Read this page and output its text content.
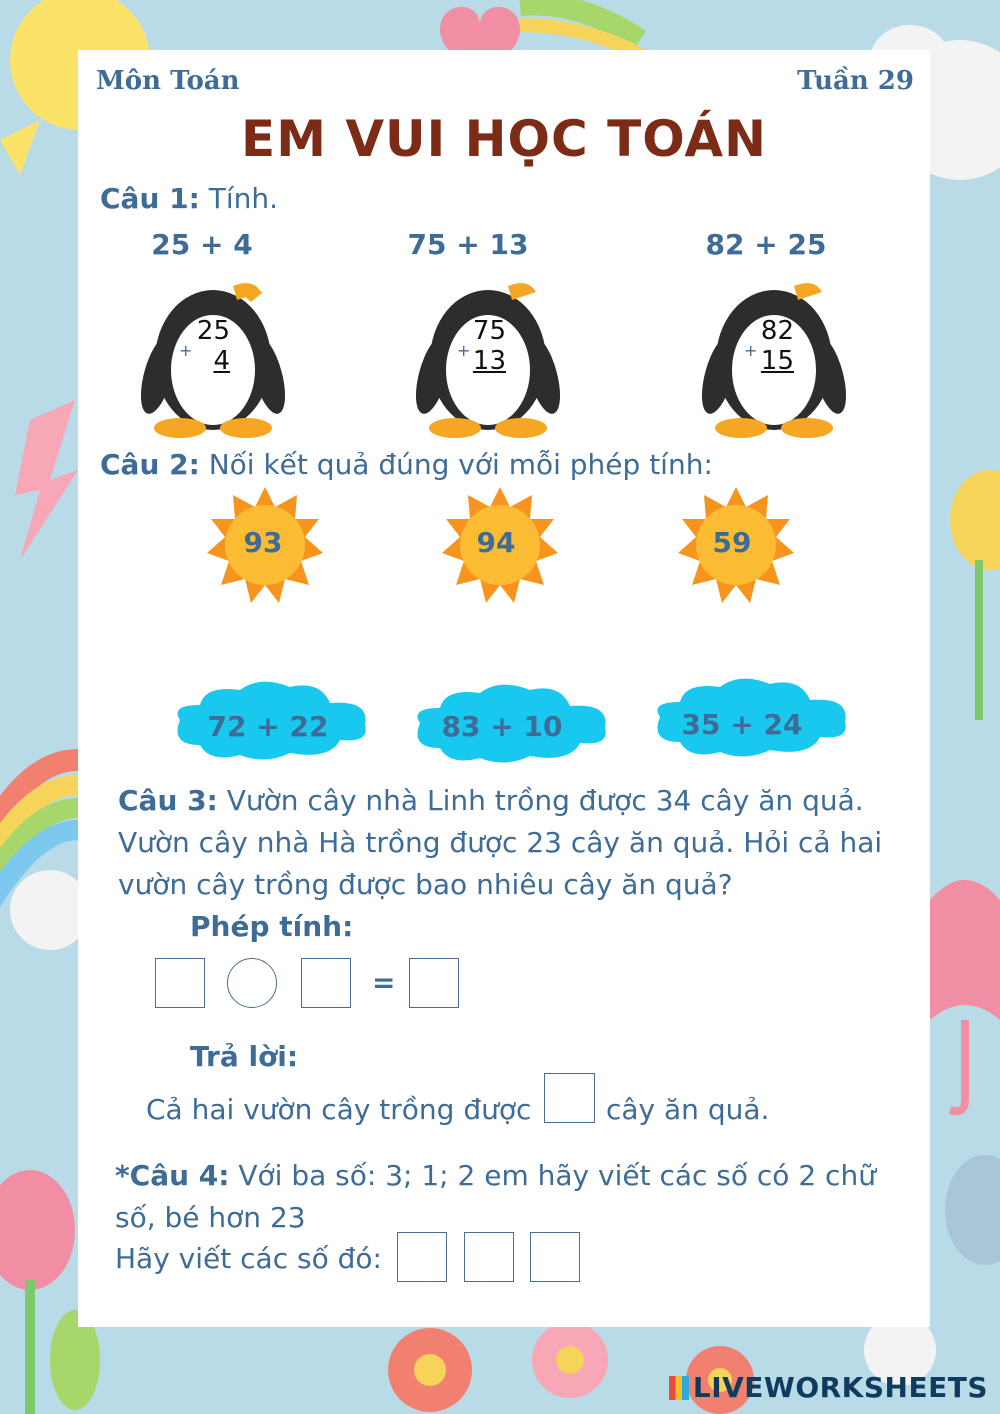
Môn Toán	Tuần 29
EM VUI HỌC TOÁN
Câu 1: Tính.
25 + 4	75 + 13	82 + 25
+
25
4	+
75
13	+
82
15
Câu 2: Nối kết quả đúng với mỗi phép tính:
93	94	59
72 + 22	83 + 10	35 + 24
Câu 3: Vườn cây nhà Linh trồng được 34 cây ăn quả. Vườn cây nhà Hà trồng được 23 cây ăn quả. Hỏi cả hai vườn cây trồng được bao nhiêu cây ăn quả?
Phép tính:
=
Trả lời:
Cả hai vườn cây trồng được	cây ăn quả.
*Câu 4: Với ba số: 3; 1; 2 em hãy viết các số có 2 chữ số, bé hơn 23
Hãy viết các số đó:
LIVEWORKSHEETS
